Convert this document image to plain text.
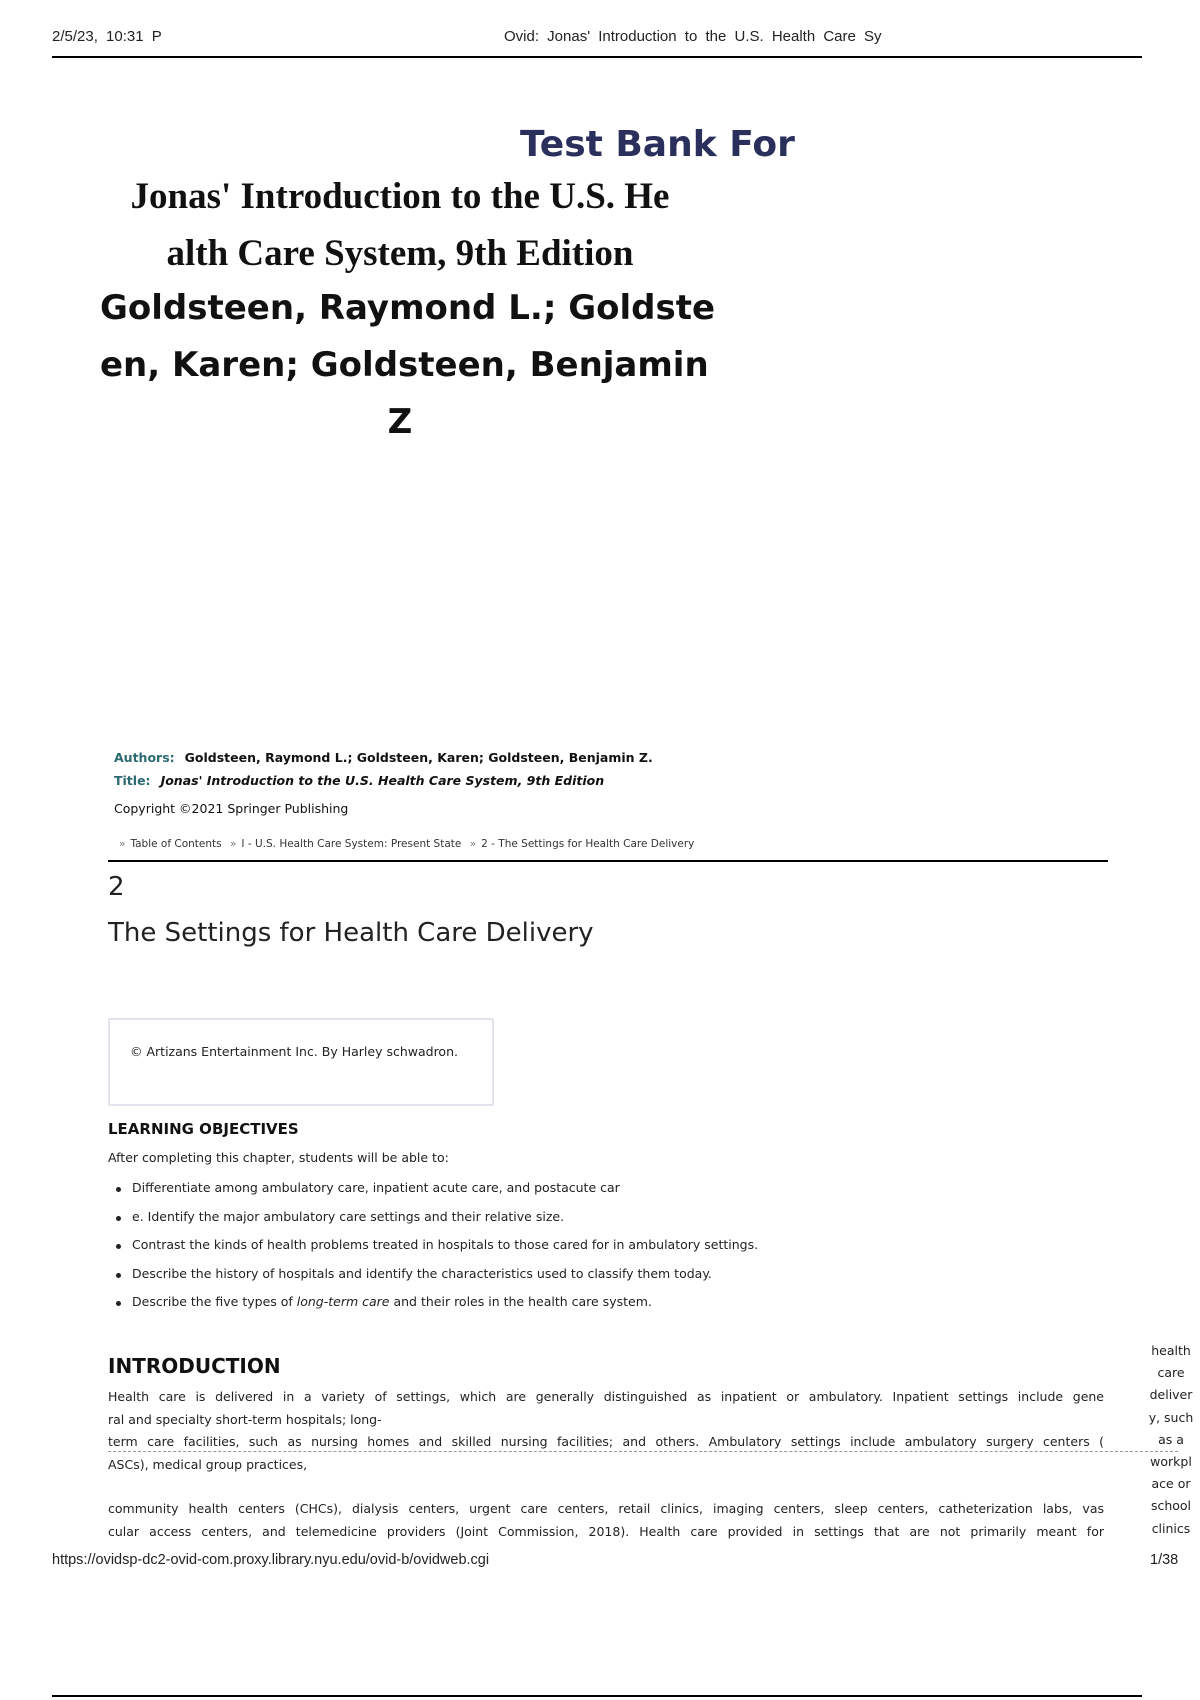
2/5/23, 10:31 P	Ovid: Jonas' Introduction to the U.S. Health Care Sy
Test Bank For
Jonas' Introduction to the U.S. He
alth Care System, 9th Edition
Goldsteen, Raymond L.; Goldste
en, Karen; Goldsteen, Benjamin
Z
Authors: Goldsteen, Raymond L.; Goldsteen, Karen; Goldsteen, Benjamin Z.
Title: Jonas' Introduction to the U.S. Health Care System, 9th Edition
Copyright ©2021 Springer Publishing
» Table of Contents » I - U.S. Health Care System: Present State » 2 - The Settings for Health Care Delivery
2
The Settings for Health Care Delivery
© Artizans Entertainment Inc. By Harley schwadron.
LEARNING OBJECTIVES
After completing this chapter, students will be able to:
Differentiate among ambulatory care, inpatient acute care, and postacute car
e. Identify the major ambulatory care settings and their relative size.
Contrast the kinds of health problems treated in hospitals to those cared for in ambulatory settings.
Describe the history of hospitals and identify the characteristics used to classify them today.
Describe the five types of long-term care and their roles in the health care system.
INTRODUCTION
Health care is delivered in a variety of settings, which are generally distinguished as inpatient or ambulatory. Inpatient settings include gene
ral and specialty short-term hospitals; long-
term care facilities, such as nursing homes and skilled nursing facilities; and others. Ambulatory settings include ambulatory surgery centers (
ASCs), medical group practices,
community health centers (CHCs), dialysis centers, urgent care centers, retail clinics, imaging centers, sleep centers, catheterization labs, vas
cular access centers, and telemedicine providers (Joint Commission, 2018). Health care provided in settings that are not primarily meant for
health
care
deliver
y, such
as a
workpl
ace or
school
clinics
https://ovidsp-dc2-ovid-com.proxy.library.nyu.edu/ovid-b/ovidweb.cgi	1/38
